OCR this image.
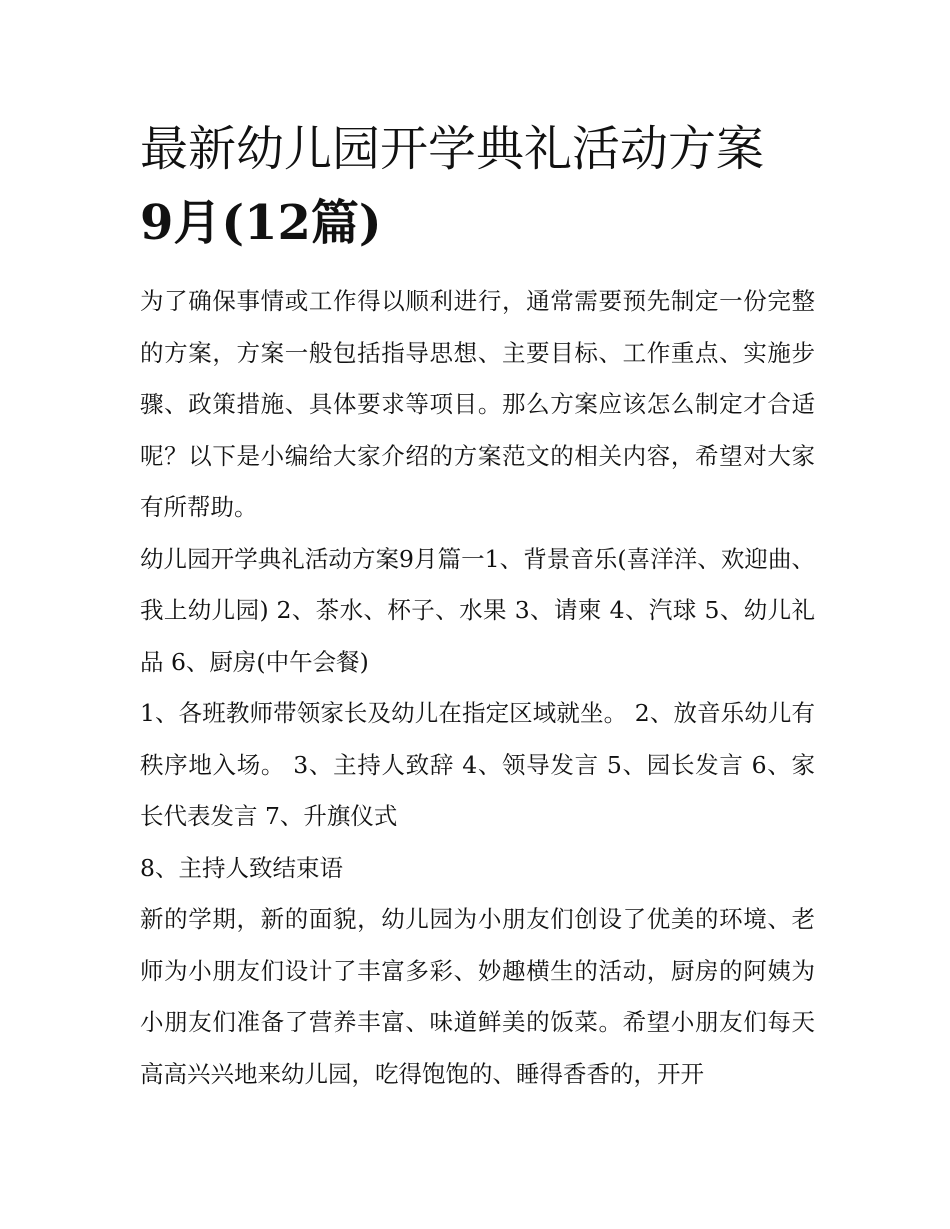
最新幼儿园开学典礼活动方案
9月(12篇)

为了确保事情或工作得以顺利进行，通常需要预先制定一份完整的方案，方案一般包括指导思想、主要目标、工作重点、实施步骤、政策措施、具体要求等项目。那么方案应该怎么制定才合适呢？以下是小编给大家介绍的方案范文的相关内容，希望对大家有所帮助。

幼儿园开学典礼活动方案9月篇一1、背景音乐(喜洋洋、欢迎曲、我上幼儿园) 2、茶水、杯子、水果 3、请柬 4、汽球 5、幼儿礼品 6、厨房(中午会餐)

1、各班教师带领家长及幼儿在指定区域就坐。 2、放音乐幼儿有秩序地入场。 3、主持人致辞 4、领导发言 5、园长发言 6、家长代表发言 7、升旗仪式

8、主持人致结束语

新的学期，新的面貌，幼儿园为小朋友们创设了优美的环境、老师为小朋友们设计了丰富多彩、妙趣横生的活动，厨房的阿姨为小朋友们准备了营养丰富、味道鲜美的饭菜。希望小朋友们每天高高兴兴地来幼儿园，吃得饱饱的、睡得香香的，开开
